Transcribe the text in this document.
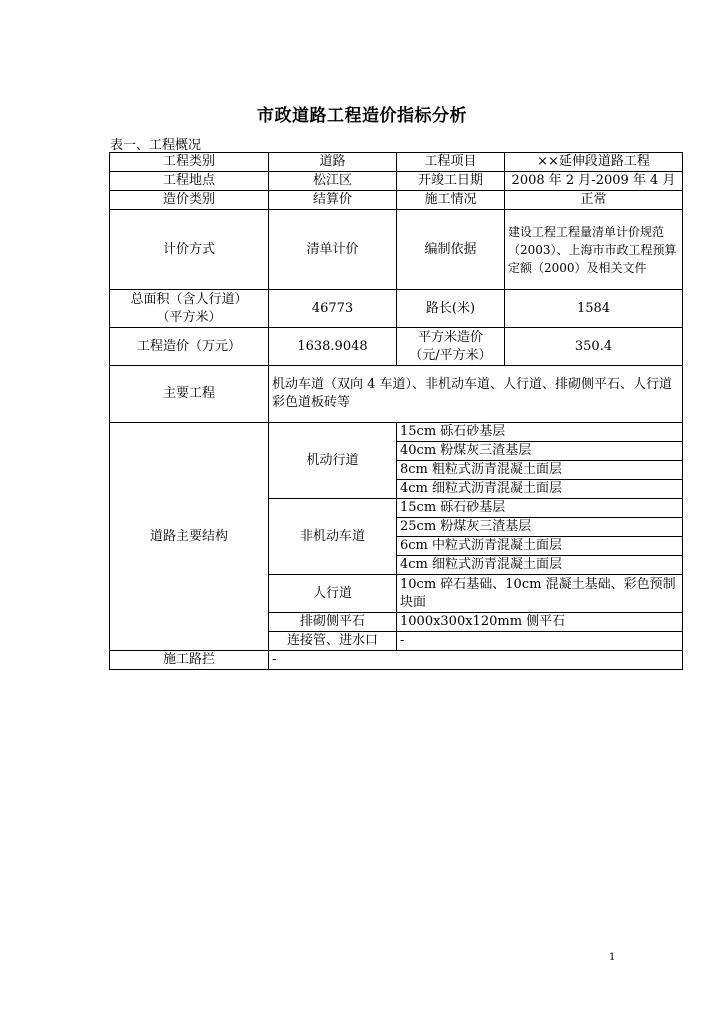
市政道路工程造价指标分析
表一、工程概况
工程类别	道路	工程项目	××延伸段道路工程
工程地点	松江区	开竣工日期	2008 年 2 月-2009 年 4 月
造价类别	结算价	施工情况	正常
计价方式	清单计价	编制依据	建设工程工程量清单计价规范（2003）、上海市市政工程预算定额（2000）及相关文件

总面积（含人行道）
（平方米）	46773	路长(米)	1584
工程造价（万元）	1638.9048	平方米造价
（元/平方米）	350.4
主要工程	机动车道（双向 4 车道）、非机动车道、人行道、排砌侧平石、人行道彩色道板砖等		
道路主要结构	机动行道	15cm 砾石砂基层	
		40cm 粉煤灰三渣基层	
		8cm 粗粒式沥青混凝土面层	
		4cm 细粒式沥青混凝土面层	
	非机动车道	15cm 砾石砂基层	
		25cm 粉煤灰三渣基层	
		6cm 中粒式沥青混凝土面层	
		4cm 细粒式沥青混凝土面层	
	人行道	10cm 碎石基础、10cm 混凝土基础、彩色预制块面	

	排砌侧平石	1000x300x120mm 侧平石	
	连接管、进水口	-	
施工路拦	-		
1
